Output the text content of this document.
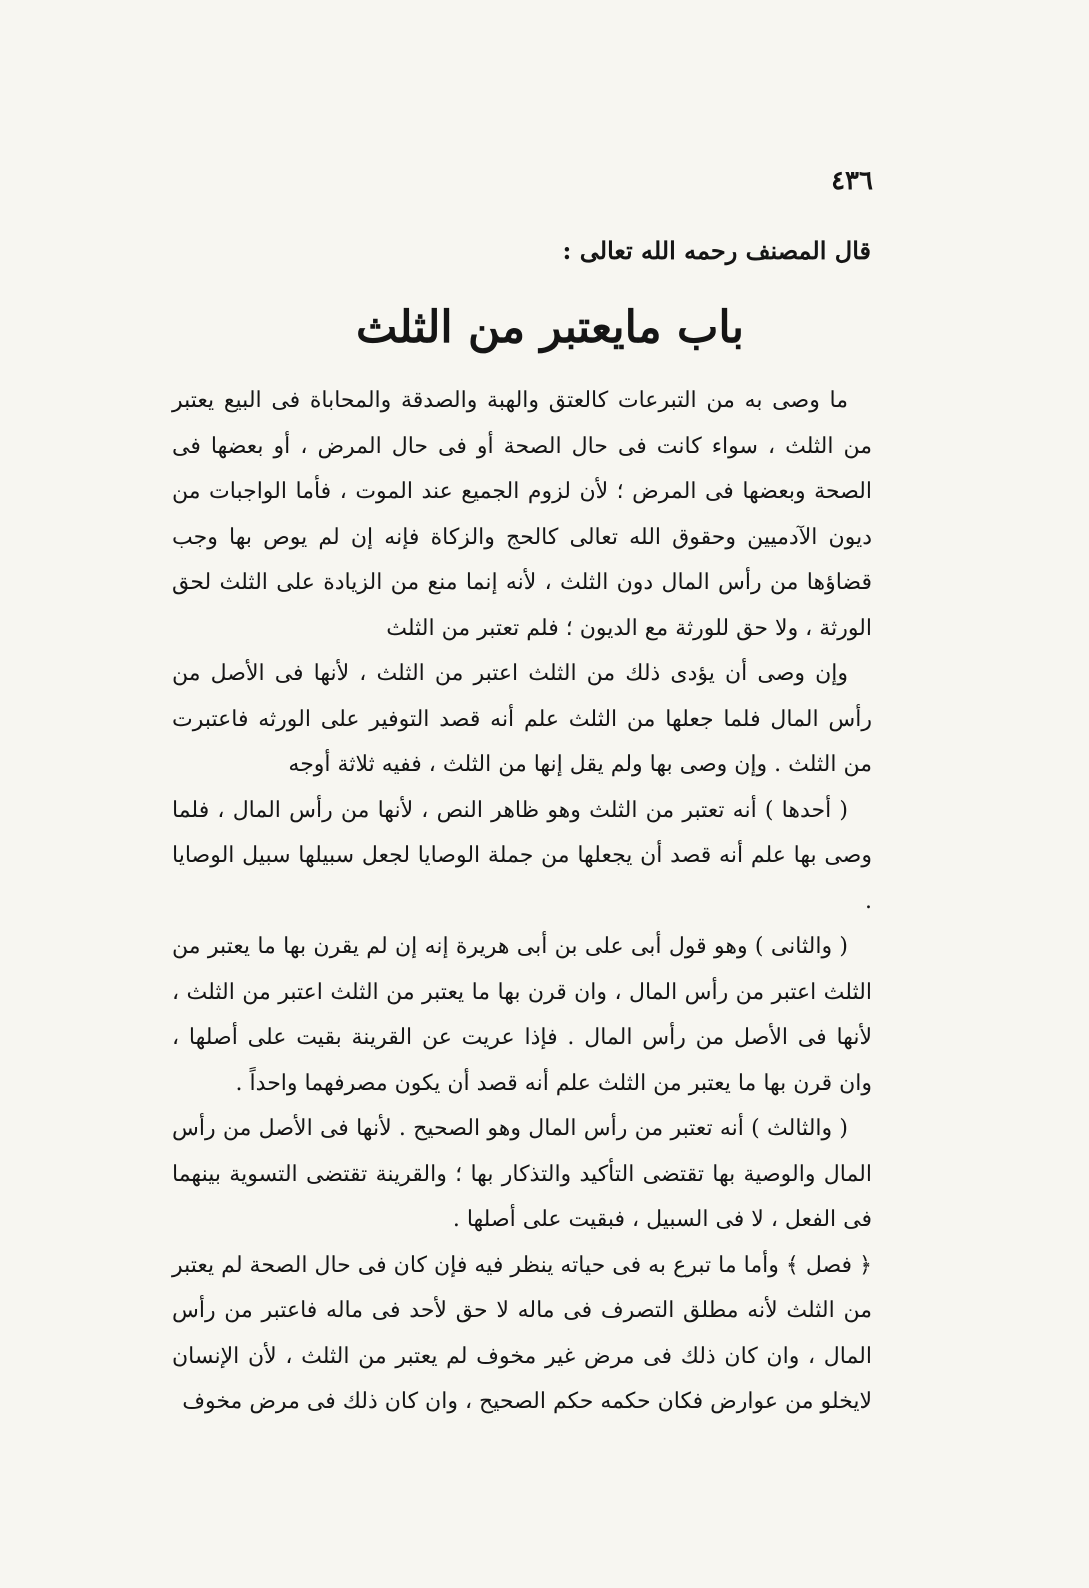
٤٣٦
قال المصنف رحمه الله تعالى :
باب مايعتبر من الثلث

ما وصى به من التبرعات كالعتق والهبة والصدقة والمحاباة فى البيع يعتبر من الثلث ، سواء كانت فى حال الصحة أو فى حال المرض ، أو بعضها فى الصحة وبعضها فى المرض ؛ لأن لزوم الجميع عند الموت ، فأما الواجبات من ديون الآدميين وحقوق الله تعالى كالحج والزكاة فإنه إن لم يوص بها وجب قضاؤها من رأس المال دون الثلث ، لأنه إنما منع من الزيادة على الثلث لحق الورثة ، ولا حق للورثة مع الديون ؛ فلم تعتبر من الثلث

وإن وصى أن يؤدى ذلك من الثلث اعتبر من الثلث ، لأنها فى الأصل من رأس المال فلما جعلها من الثلث علم أنه قصد التوفير على الورثه فاعتبرت من الثلث . وإن وصى بها ولم يقل إنها من الثلث ، ففيه ثلاثة أوجه

( أحدها ) أنه تعتبر من الثلث وهو ظاهر النص ، لأنها من رأس المال ، فلما وصى بها علم أنه قصد أن يجعلها من جملة الوصايا لجعل سبيلها سبيل الوصايا .

( والثانى ) وهو قول أبى على بن أبى هريرة إنه إن لم يقرن بها ما يعتبر من الثلث اعتبر من رأس المال ، وان قرن بها ما يعتبر من الثلث اعتبر من الثلث ، لأنها فى الأصل من رأس المال . فإذا عريت عن القرينة بقيت على أصلها ، وان قرن بها ما يعتبر من الثلث علم أنه قصد أن يكون مصرفهما واحداً .

( والثالث ) أنه تعتبر من رأس المال وهو الصحيح . لأنها فى الأصل من رأس المال والوصية بها تقتضى التأكيد والتذكار بها ؛ والقرينة تقتضى التسوية بينهما فى الفعل ، لا فى السبيل ، فبقيت على أصلها .

﴿ فصل ﴾ وأما ما تبرع به فى حياته ينظر فيه فإن كان فى حال الصحة لم يعتبر من الثلث لأنه مطلق التصرف فى ماله لا حق لأحد فى ماله فاعتبر من رأس المال ، وان كان ذلك فى مرض غير مخوف لم يعتبر من الثلث ، لأن الإنسان لايخلو من عوارض فكان حكمه حكم الصحيح ، وان كان ذلك فى مرض مخوف
